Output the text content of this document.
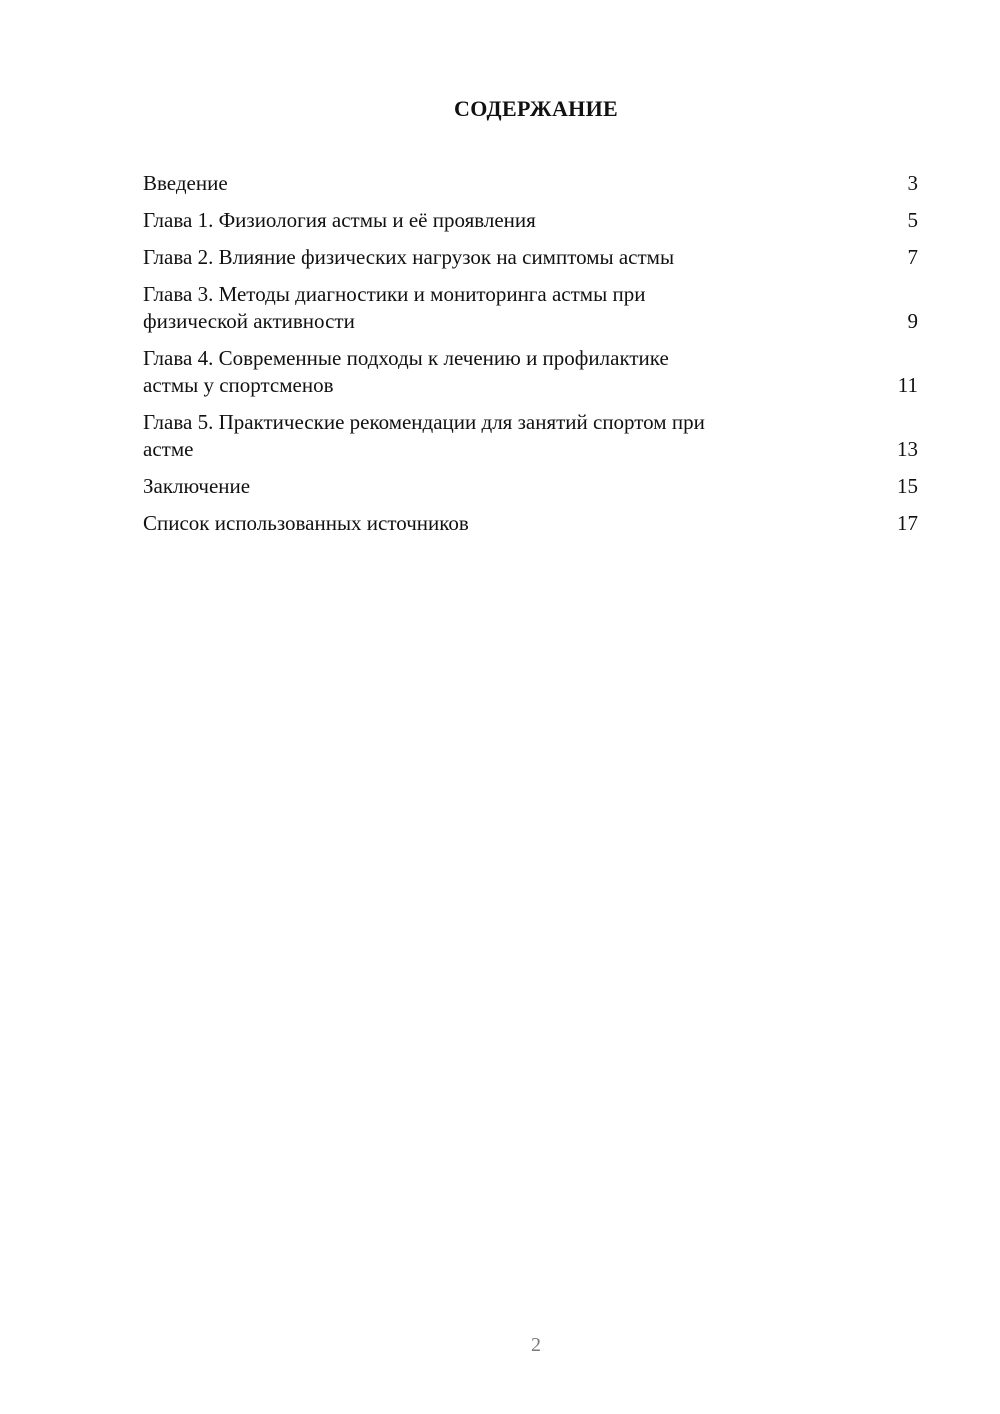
СОДЕРЖАНИЕ
Введение	3
Глава 1. Физиология астмы и её проявления	5
Глава 2. Влияние физических нагрузок на симптомы астмы	7
Глава 3. Методы диагностики и мониторинга астмы при
физической активности	9
Глава 4. Современные подходы к лечению и профилактике
астмы у спортсменов	11
Глава 5. Практические рекомендации для занятий спортом при
астме	13
Заключение	15
Список использованных источников	17
2
